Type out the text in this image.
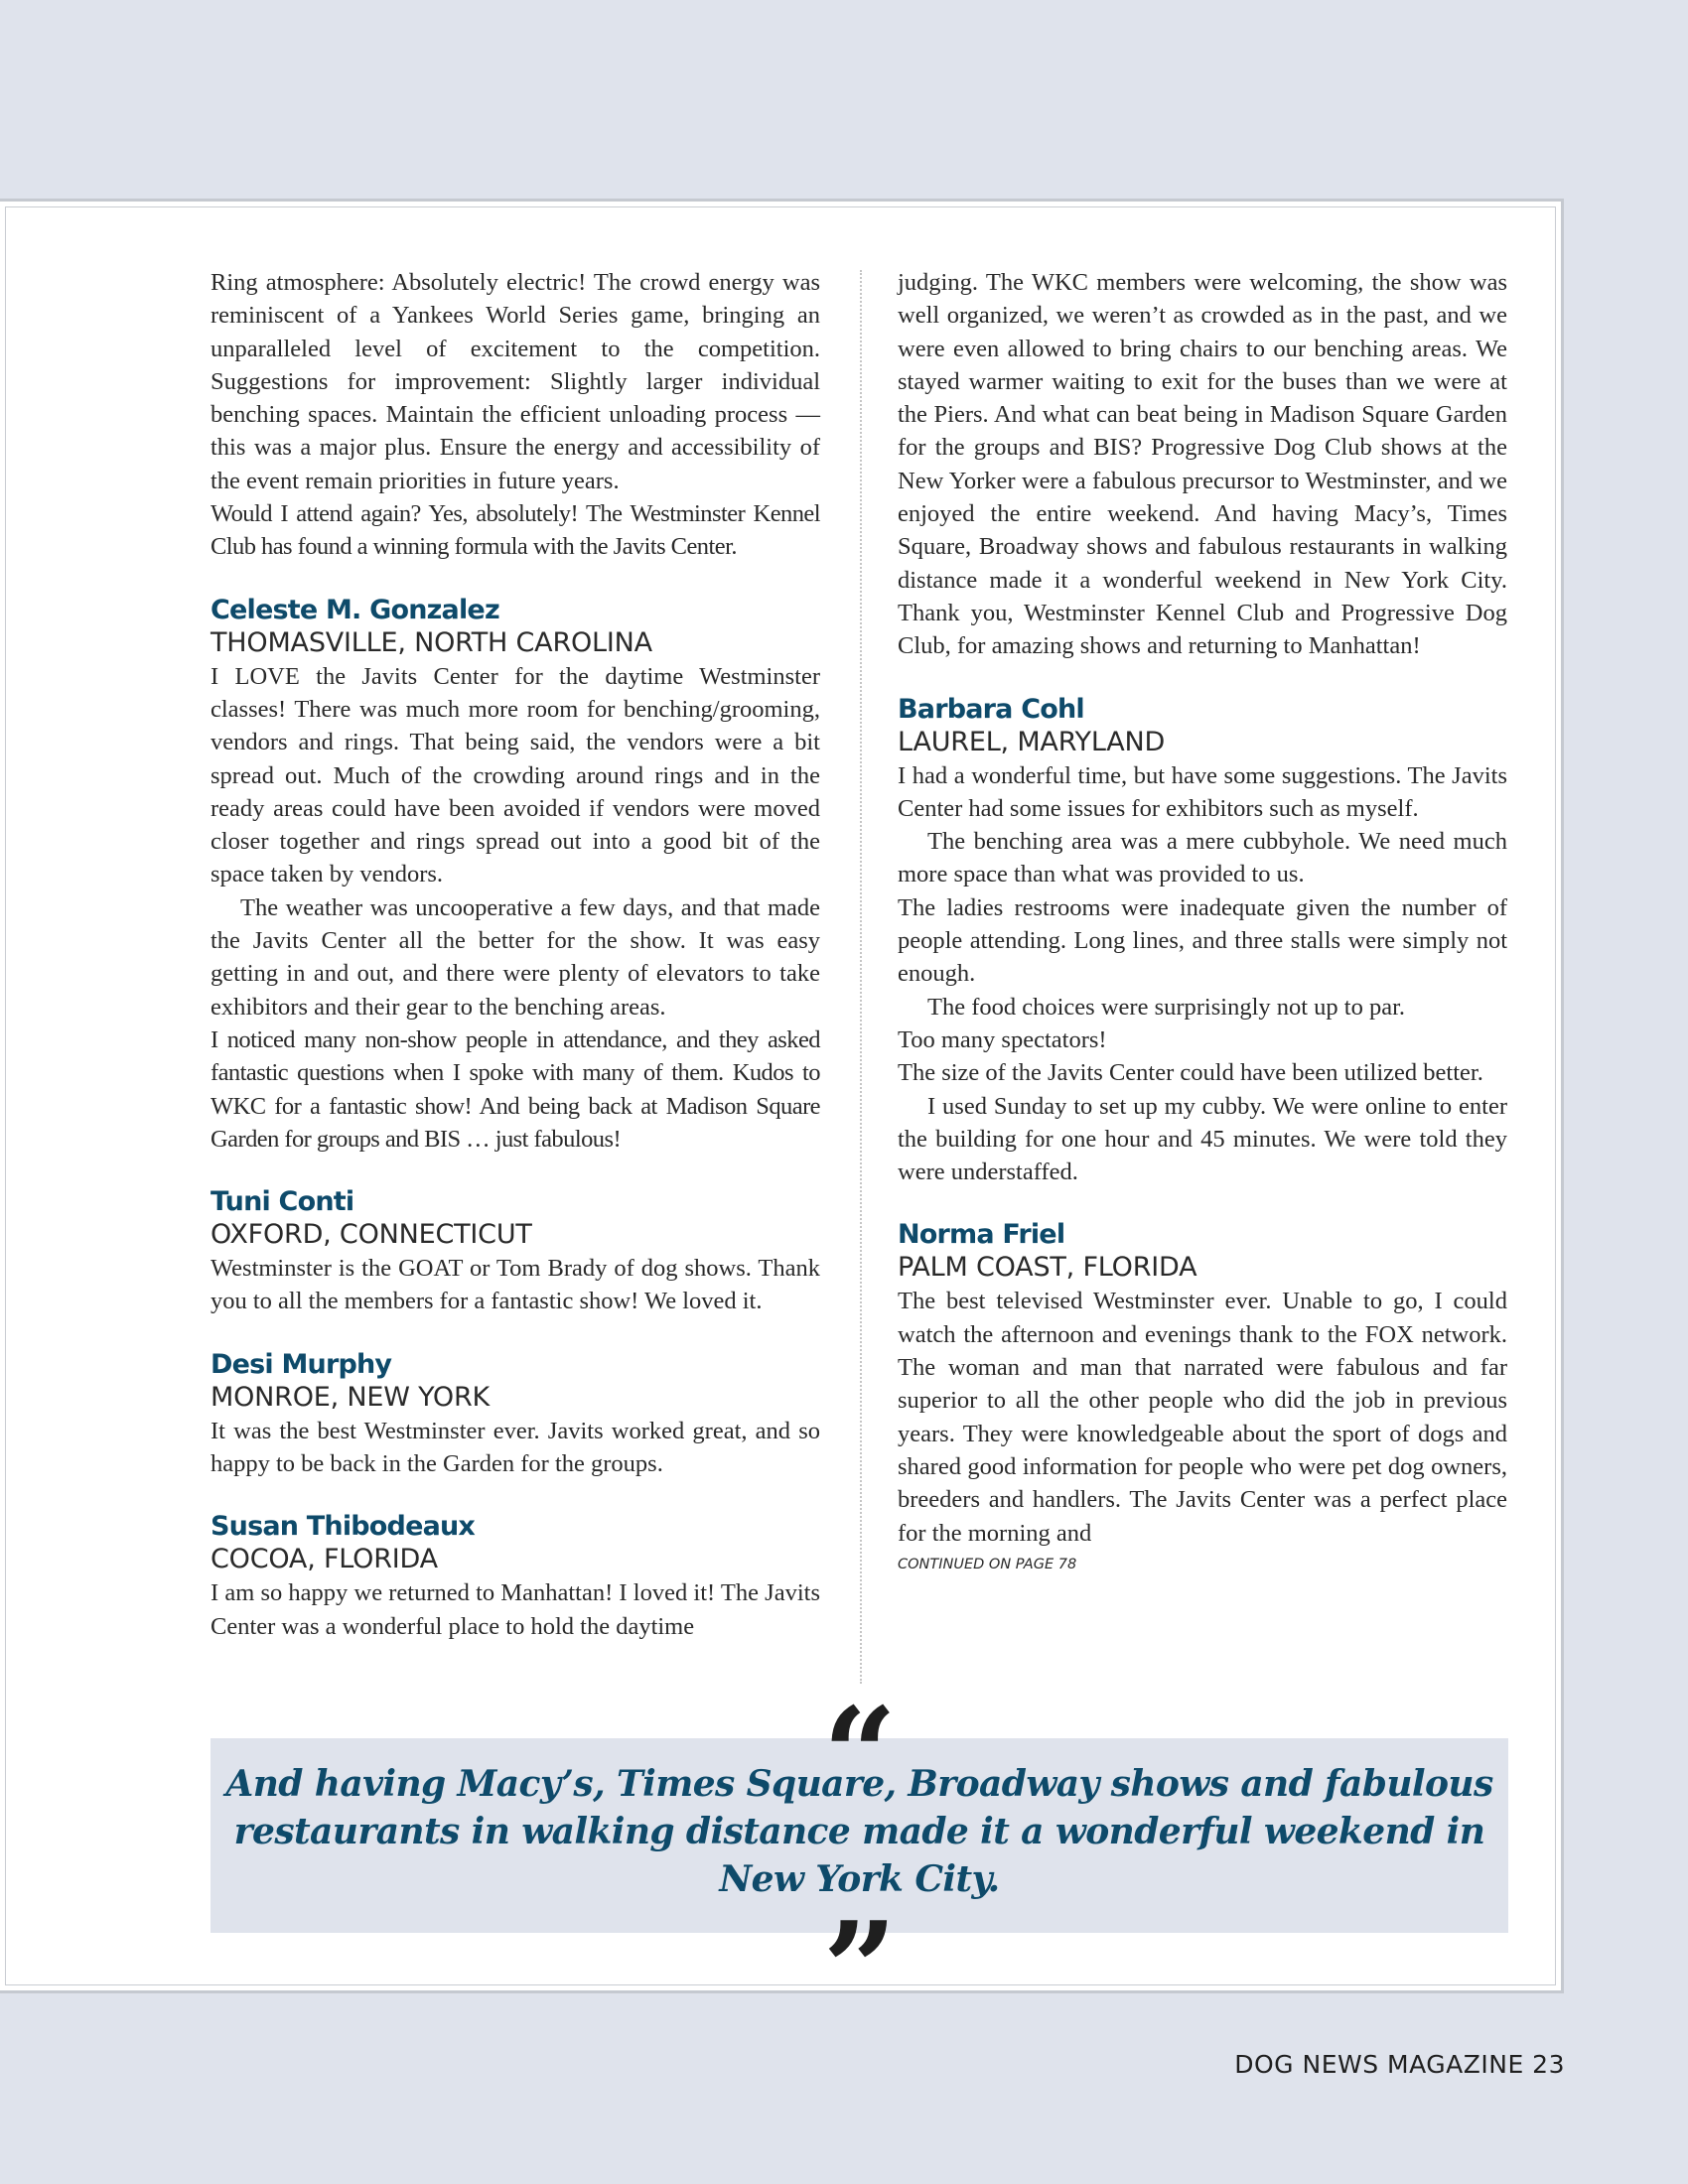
Ring atmosphere: Absolutely electric! The crowd energy was reminiscent of a Yankees World Series game, bringing an unparalleled level of excitement to the competition. Suggestions for improvement: Slightly larger individual benching spaces. Maintain the efficient unloading process — this was a major plus. Ensure the energy and accessibility of the event remain priorities in future years.

Would I attend again? Yes, absolutely! The Westminster Kennel Club has found a winning formula with the Javits Center.

Celeste M. Gonzalez
THOMASVILLE, NORTH CAROLINA

I LOVE the Javits Center for the daytime Westminster classes! There was much more room for benching/grooming, vendors and rings. That being said, the vendors were a bit spread out. Much of the crowding around rings and in the ready areas could have been avoided if vendors were moved closer together and rings spread out into a good bit of the space taken by vendors.

The weather was uncooperative a few days, and that made the Javits Center all the better for the show. It was easy getting in and out, and there were plenty of elevators to take exhibitors and their gear to the benching areas.

I noticed many non-show people in attendance, and they asked fantastic questions when I spoke with many of them. Kudos to WKC for a fantastic show! And being back at Madison Square Garden for groups and BIS … just fabulous!

Tuni Conti
OXFORD, CONNECTICUT

Westminster is the GOAT or Tom Brady of dog shows. Thank you to all the members for a fantastic show! We loved it.

Desi Murphy
MONROE, NEW YORK

It was the best Westminster ever. Javits worked great, and so happy to be back in the Garden for the groups.

Susan Thibodeaux
COCOA, FLORIDA

I am so happy we returned to Manhattan! I loved it! The Javits Center was a wonderful place to hold the daytime

judging. The WKC members were welcoming, the show was well organized, we weren’t as crowded as in the past, and we were even allowed to bring chairs to our benching areas. We stayed warmer waiting to exit for the buses than we were at the Piers. And what can beat being in Madison Square Garden for the groups and BIS? Progressive Dog Club shows at the New Yorker were a fabulous precursor to Westminster, and we enjoyed the entire weekend. And having Macy’s, Times Square, Broadway shows and fabulous restaurants in walking distance made it a wonderful weekend in New York City. Thank you, Westminster Kennel Club and Progressive Dog Club, for amazing shows and returning to Manhattan!

Barbara Cohl
LAUREL, MARYLAND

I had a wonderful time, but have some suggestions. The Javits Center had some issues for exhibitors such as myself.

The benching area was a mere cubbyhole. We need much more space than what was provided to us.

The ladies restrooms were inadequate given the number of people attending. Long lines, and three stalls were simply not enough.

The food choices were surprisingly not up to par.

Too many spectators!

The size of the Javits Center could have been utilized better.

I used Sunday to set up my cubby. We were online to enter the building for one hour and 45 minutes. We were told they were understaffed.

Norma Friel
PALM COAST, FLORIDA

The best televised Westminster ever. Unable to go, I could watch the afternoon and evenings thank to the FOX network. The woman and man that narrated were fabulous and far superior to all the other people who did the job in previous years. They were knowledgeable about the sport of dogs and shared good information for people who were pet dog owners, breeders and handlers. The Javits Center was a perfect place for the morning and

CONTINUED ON PAGE 78
And having Macy’s, Times Square, Broadway shows and fabulous restaurants in walking distance made it a wonderful weekend in New York City.
“
”
DOG NEWS MAGAZINE 23
